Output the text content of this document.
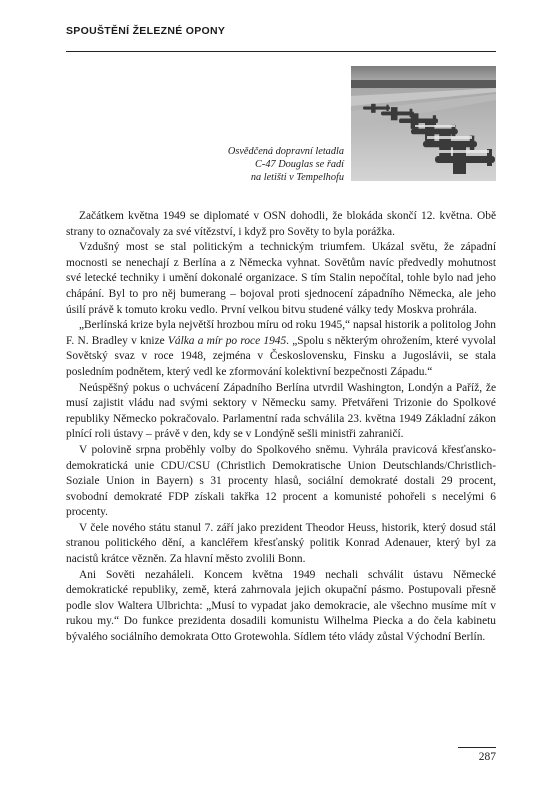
SPOUŠTĚNÍ ŽELEZNÉ OPONY

Osvědčená dopravní letadla
C-47 Douglas se řadí
na letišti v Tempelhofu

Začátkem května 1949 se diplomaté v OSN dohodli, že blokáda skončí 12. května. Obě strany to označovaly za své vítězství, i když pro Sověty to byla porážka.

Vzdušný most se stal politickým a technickým triumfem. Ukázal světu, že západní mocnosti se nenechají z Berlína a z Německa vyhnat. Sovětům navíc předvedly mohutnost své letecké techniky i umění dokonalé organizace. S tím Stalin nepočítal, tohle bylo nad jeho chápání. Byl to pro něj bumerang – bojoval proti sjednocení západního Německa, ale jeho úsilí právě k tomuto kroku vedlo. První velkou bitvu studené války tedy Moskva prohrála.

„Berlínská krize byla největší hrozbou míru od roku 1945,“ napsal historik a politolog John F. N. Bradley v knize Válka a mír po roce 1945. „Spolu s některým ohrožením, které vyvolal Sovětský svaz v roce 1948, zejména v Československu, Finsku a Jugoslávii, se stala posledním podnětem, který vedl ke zformování kolektivní bezpečnosti Západu.“

Neúspěšný pokus o uchvácení Západního Berlína utvrdil Washington, Londýn a Paříž, že musí zajistit vládu nad svými sektory v Německu samy. Přetvářeni Trizonie do Spolkové republiky Německo pokračovalo. Parlamentní rada schválila 23. května 1949 Základní zákon plnící roli ústavy – právě v den, kdy se v Londýně sešli ministři zahraničí.

V polovině srpna proběhly volby do Spolkového sněmu. Vyhrála pravicová křesťansko-demokratická unie CDU/CSU (Christlich Demokratische Union Deutschlands/Christlich-Soziale Union in Bayern) s 31 procenty hlasů, sociální demokraté dostali 29 procent, svobodní demokraté FDP získali takřka 12 procent a komunisté pohořeli s necelými 6 procenty.

V čele nového státu stanul 7. září jako prezident Theodor Heuss, historik, který dosud stál stranou politického dění, a kancléřem křesťanský politik Konrad Adenauer, který byl za nacistů krátce vězněn. Za hlavní město zvolili Bonn.

Ani Sověti nezaháleli. Koncem května 1949 nechali schválit ústavu Německé demokratické republiky, země, která zahrnovala jejich okupační pásmo. Postupovali přesně podle slov Waltera Ulbrichta: „Musí to vypadat jako demokracie, ale všechno musíme mít v rukou my.“ Do funkce prezidenta dosadili komunistu Wilhelma Piecka a do čela kabinetu bývalého sociálního demokrata Otto Grotewohla. Sídlem této vlády zůstal Východní Berlín.

287
